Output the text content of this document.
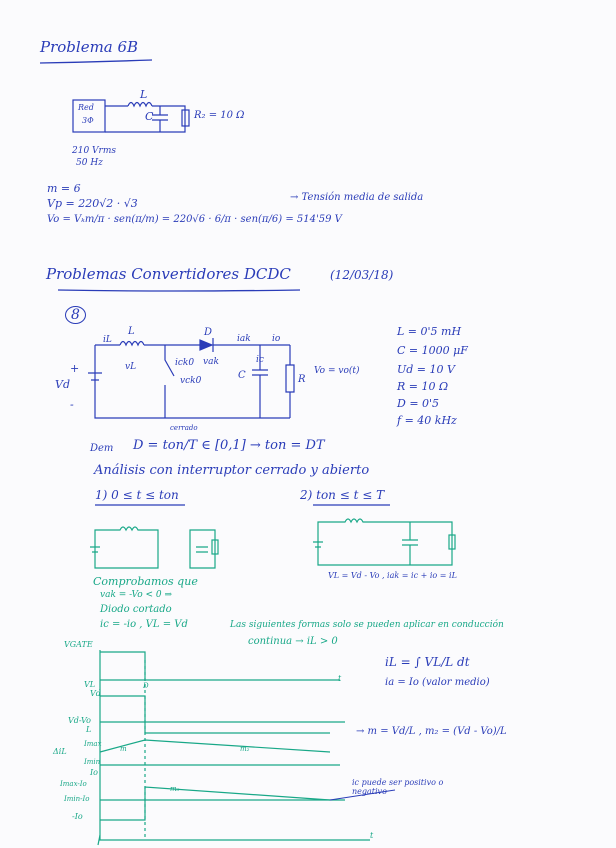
Problema 6B
Red
3Φ
L
C	R₂ = 10 Ω
210 Vrms
50 Hz
m = 6
Vp = 220√2 · √3
Vo = Vₖm/π · sen(π/m) = 220√6 · 6/π · sen(π/6) = 514'59 V
→ Tensión media de salida
Problemas Convertidores DCDC	(12/03/18)
8
iL
L	D
iak io
+
Vd
-
vL	vak
ick0
vck0
ic
C	R
Vo = vo(t)
L = 0'5 mH
C = 1000 μF
Ud = 10 V
R = 10 Ω
D = 0'5
f = 40 kHz
Dem D = ton/T ∈ [0,1] → ton = DT
cerrado
Análisis con interruptor cerrado y abierto
1) 0 ≤ t ≤ ton	2) ton ≤ t ≤ T
VL = Vd - Vo , iak = ic + io = iL
Comprobamos que
vak = -Vo < 0 ⇒
Diodo cortado
ic = -io , VL = Vd	Las siguientes formas solo se pueden aplicar en conducción
continua → iL > 0
iL = ∫ VL/L dt
ia = Io (valor medio)
→ m = Vd/L , m₂ = (Vd - Vo)/L
VGATE
VL
Vd
Vd-Vo
L
ΔiL
Imax
Imin
Io
Imax-Io
Imin-Io
-Io
D
m	m₂
m₃
t
t
ic puede ser positivo o negativo
